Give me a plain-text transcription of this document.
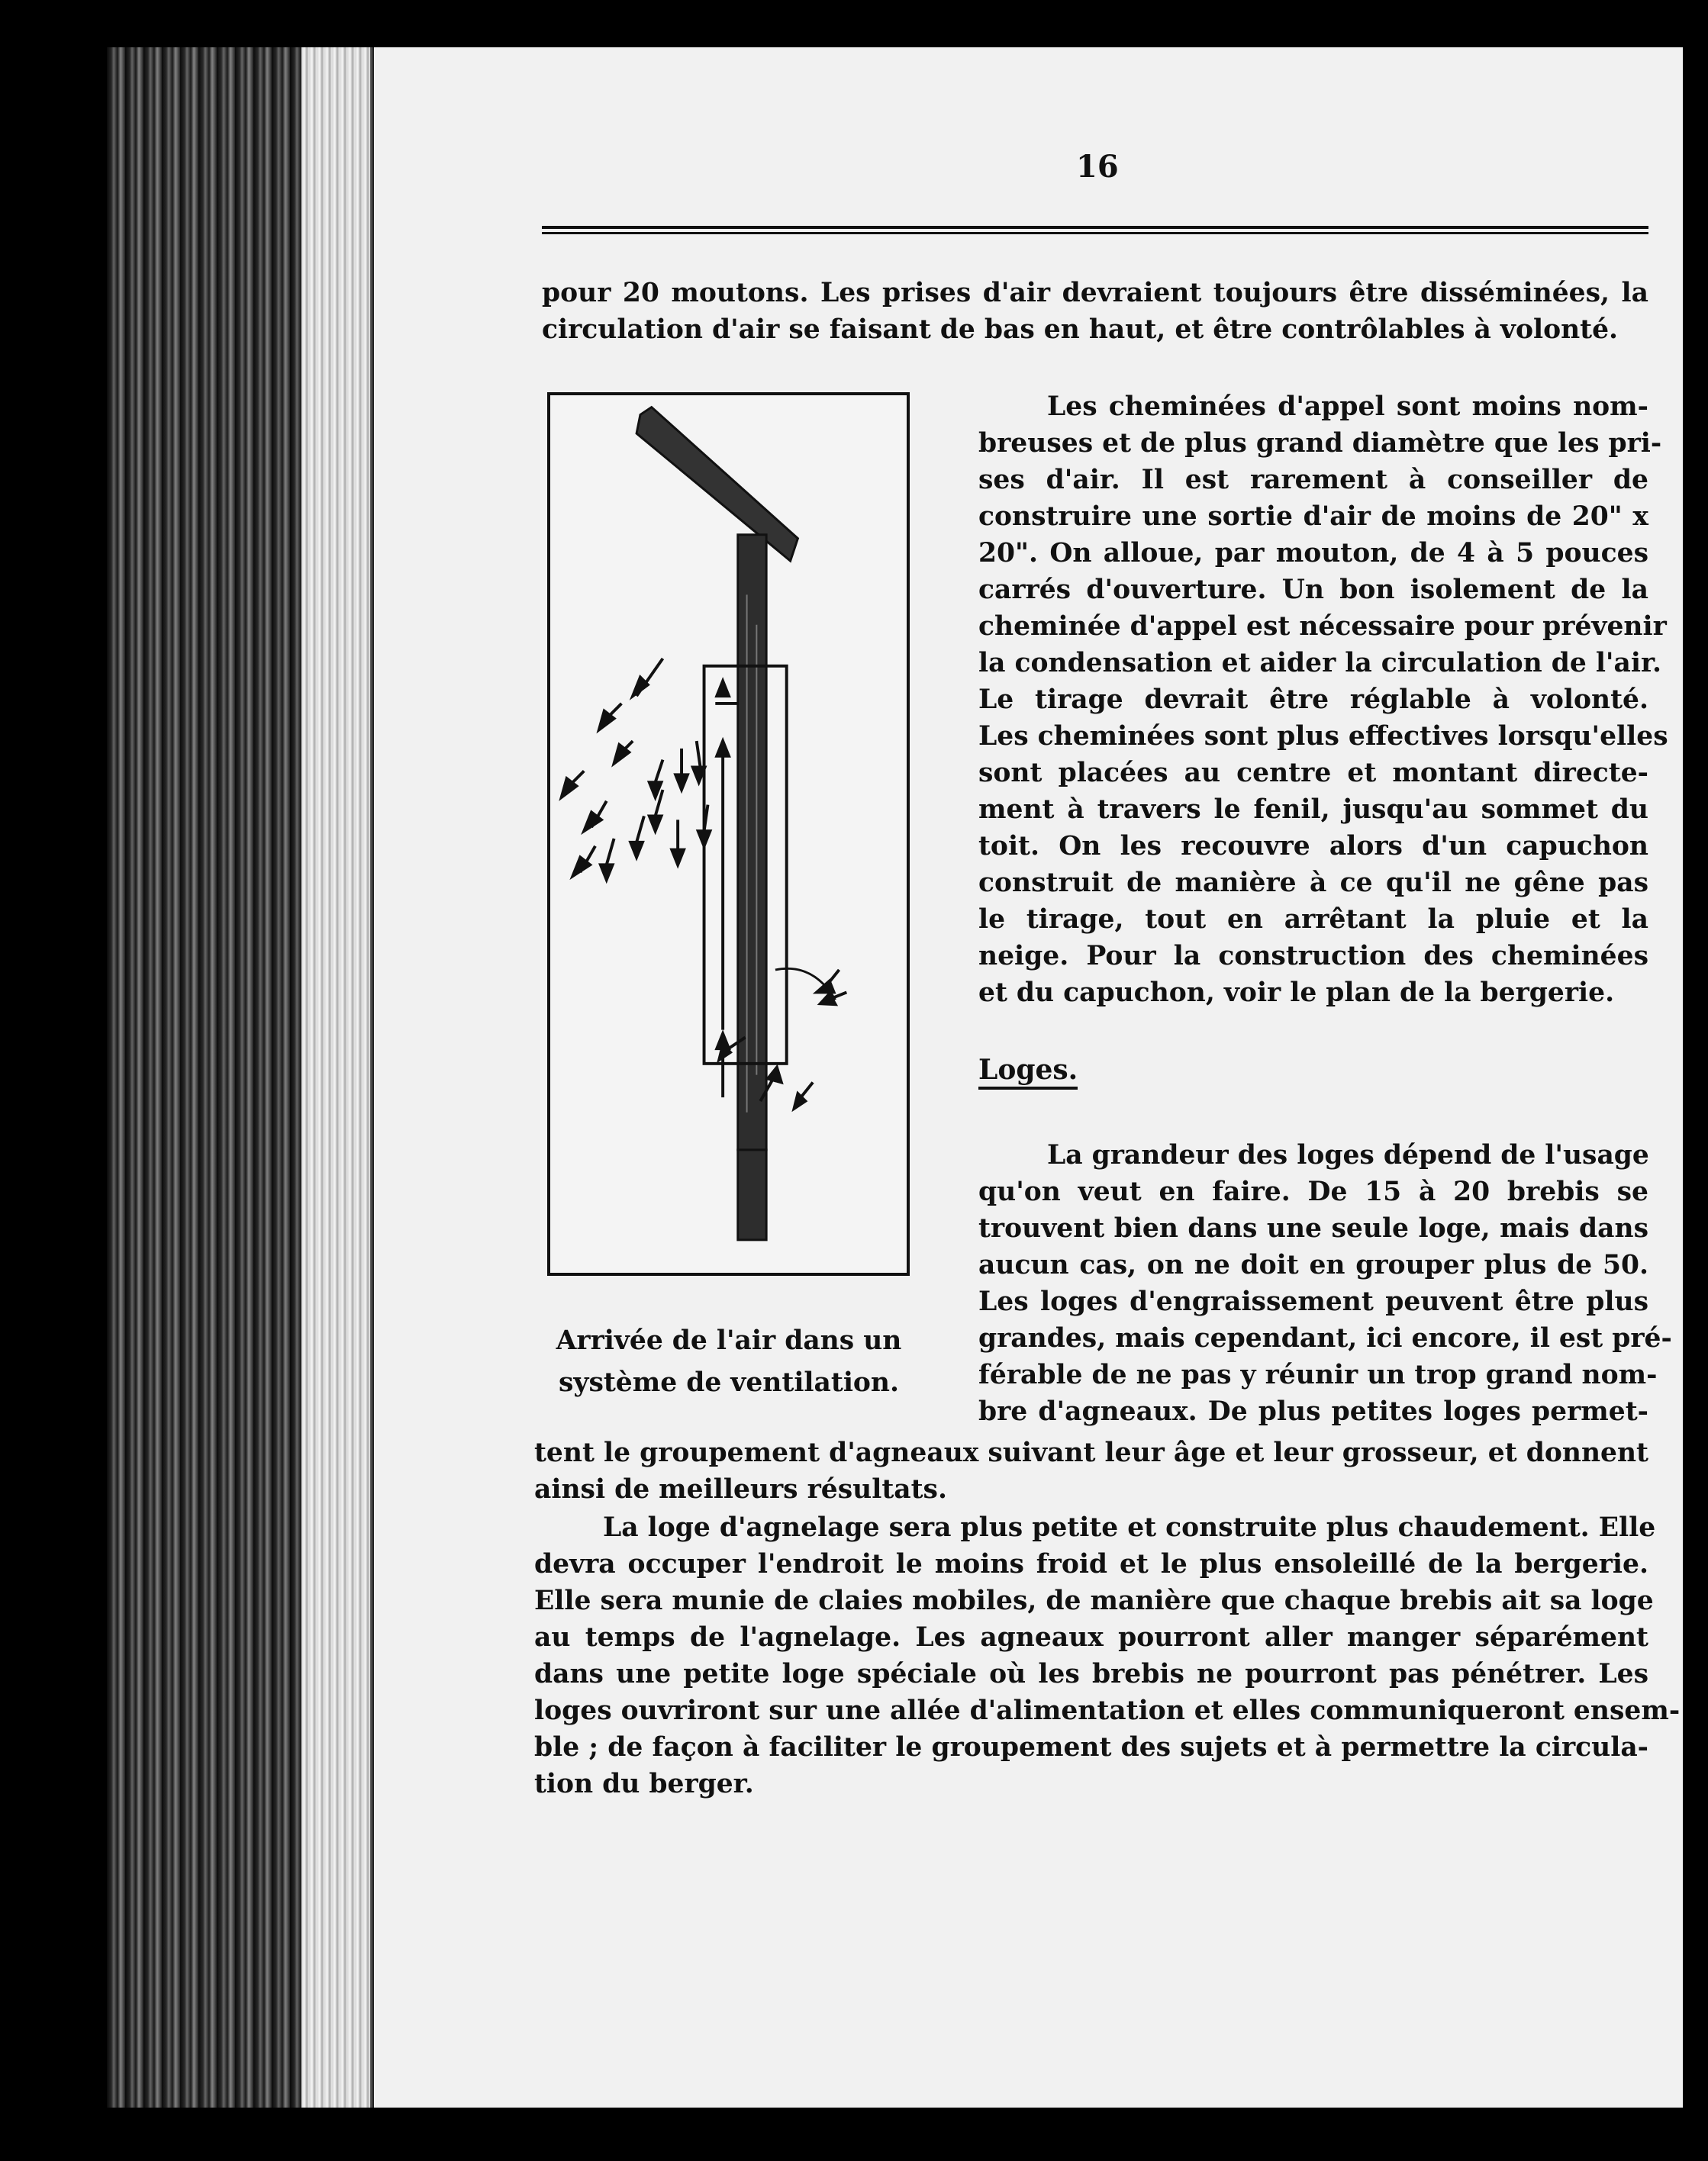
16
pour 20 moutons. Les prises d'air devraient toujours être disséminées, la
circulation d'air se faisant de bas en haut, et être contrôlables à volonté.
Les cheminées d'appel sont moins nom-
breuses et de plus grand diamètre que les pri-
ses d'air. Il est rarement à conseiller de
construire une sortie d'air de moins de 20" x
20". On alloue, par mouton, de 4 à 5 pouces
carrés d'ouverture. Un bon isolement de la
cheminée d'appel est nécessaire pour prévenir
la condensation et aider la circulation de l'air.
Le tirage devrait être réglable à volonté.
Les cheminées sont plus effectives lorsqu'elles
sont placées au centre et montant directe-
ment à travers le fenil, jusqu'au sommet du
toit. On les recouvre alors d'un capuchon
construit de manière à ce qu'il ne gêne pas
le tirage, tout en arrêtant la pluie et la
neige. Pour la construction des cheminées
et du capuchon, voir le plan de la bergerie.
Loges.
La grandeur des loges dépend de l'usage
qu'on veut en faire. De 15 à 20 brebis se
trouvent bien dans une seule loge, mais dans
aucun cas, on ne doit en grouper plus de 50.
Les loges d'engraissement peuvent être plus
grandes, mais cependant, ici encore, il est pré-
férable de ne pas y réunir un trop grand nom-
bre d'agneaux. De plus petites loges permet-
Arrivée de l'air dans un
système de ventilation.
tent le groupement d'agneaux suivant leur âge et leur grosseur, et donnent
ainsi de meilleurs résultats.
La loge d'agnelage sera plus petite et construite plus chaudement. Elle
devra occuper l'endroit le moins froid et le plus ensoleillé de la bergerie.
Elle sera munie de claies mobiles, de manière que chaque brebis ait sa loge
au temps de l'agnelage. Les agneaux pourront aller manger séparément
dans une petite loge spéciale où les brebis ne pourront pas pénétrer. Les
loges ouvriront sur une allée d'alimentation et elles communiqueront ensem-
ble ; de façon à faciliter le groupement des sujets et à permettre la circula-
tion du berger.
